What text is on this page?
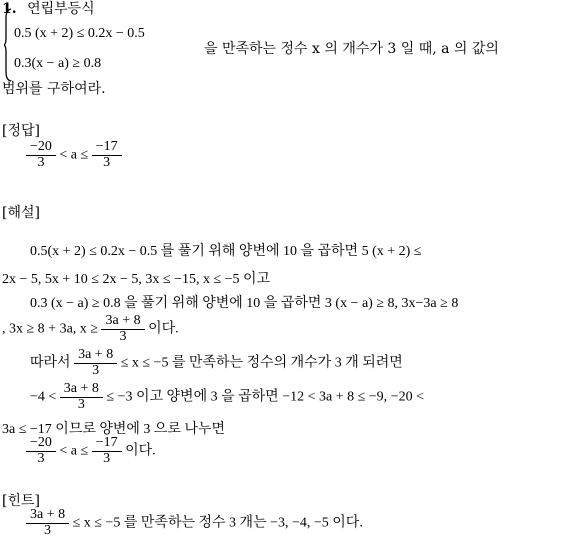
1. 연립부등식
0.5 (x + 2) ≤ 0.2x − 0.5
0.3(x − a) ≥ 0.8
을 만족하는 정수 x 의 개수가 3 일 때, a 의 값의
범위를 구하여라.
[정답]
$\frac{-20}{3} < a \le \frac{-17}{3}$
[해설]
0.5(x + 2) ≤ 0.2x − 0.5 를 풀기 위해 양변에 10 을 곱하면 5 (x + 2) ≤
2x − 5, 5x + 10 ≤ 2x − 5, 3x ≤ −15, x ≤ −5 이고
0.3 (x − a) ≥ 0.8 을 풀기 위해 양변에 10 을 곱하면 3 (x − a) ≥ 8, 3x−3a ≥ 8
, 3x ≥ 8 + 3a, $x \ge \frac{3a + 8}{3}$ 이다.
따라서 $\frac{3a + 8}{3} \le x \le -5$ 를 만족하는 정수의 개수가 3 개 되려면
$-4 < \frac{3a + 8}{3} \le -3$ 이고 양변에 3 을 곱하면 −12 < 3a + 8 ≤ −9, −20 <
3a ≤ −17 이므로 양변에 3 으로 나누면
$\frac{-20}{3} < a \le \frac{-17}{3}$ 이다.
[힌트]
$\frac{3a + 8}{3} \le x \le -5$ 를 만족하는 정수 3 개는 −3, −4, −5 이다.
